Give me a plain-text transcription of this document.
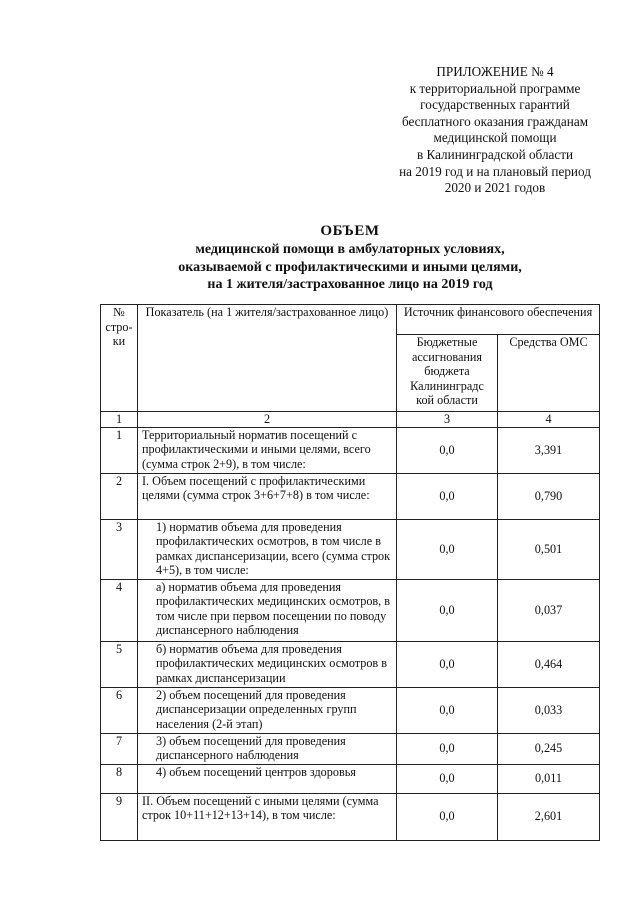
ПРИЛОЖЕНИЕ № 4
к территориальной программе
государственных гарантий
бесплатного оказания гражданам
медицинской помощи
в Калининградской области
на 2019 год и на плановый период
2020 и 2021 годов
ОБЪЕМ
медицинской помощи в амбулаторных условиях,
оказываемой с профилактическими и иными целями,
на 1 жителя/застрахованное лицо на 2019 год
№ стро-ки	Показатель (на 1 жителя/застрахованное лицо)	Источник финансового обеспечения	
		Бюджетные ассигнования бюджета Калининградс кой области	Средства ОМС
1	2	3	4
1	Территориальный норматив посещений с профилактическими и иными целями, всего (сумма строк 2+9), в том числе:	0,0	3,391
2	I. Объем посещений с профилактическими целями (сумма строк 3+6+7+8) в том числе:	0,0	0,790
3	1) норматив объема для проведения профилактических осмотров, в том числе в рамках диспансеризации, всего (сумма строк 4+5), в том числе:	0,0	0,501
4	а) норматив объема для проведения профилактических медицинских осмотров, в том числе при первом посещении по поводу диспансерного наблюдения	0,0	0,037
5	б) норматив объема для проведения профилактических медицинских осмотров в рамках диспансеризации	0,0	0,464
6	2) объем посещений для проведения диспансеризации определенных групп населения (2-й этап)	0,0	0,033
7	3) объем посещений для проведения диспансерного наблюдения	0,0	0,245
8	4) объем посещений центров здоровья	0,0	0,011
9	II. Объем посещений с иными целями (сумма строк 10+11+12+13+14), в том числе:	0,0	2,601
